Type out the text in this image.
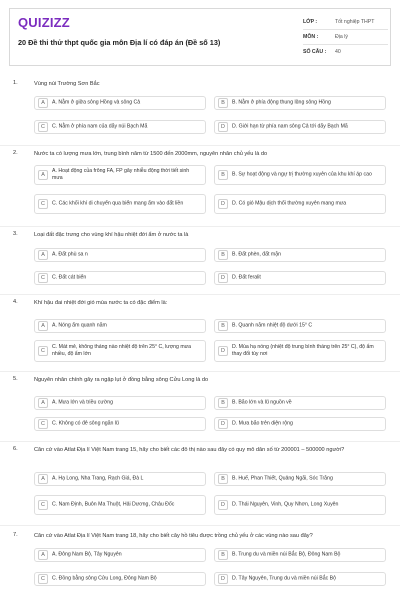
QUIZIZZ
20 Đề thi thử thpt quốc gia môn Địa lí có đáp án (Đề số 13)
LỚP :	Tốt nghiệp THPT
MÔN :	Địa lý
SỐ CÂU :	40
1.	Vùng núi Trường Sơn Bắc
A	A. Nằm ở giữa sông Hồng và sông Cả	B	B. Nằm ở phía động thung lũng sông Hồng
C	C. Nằm ở phía nam của dãy núi Bạch Mã	D	D. Giới hạn từ phía nam sông Cả tới dãy Bạch Mã
2.	Nước ta có lượng mưa lớn, trung bình năm từ 1500 đến 2000mm, nguyên nhân chủ yếu là do
A
A. Hoạt động của frông FA, FP gây nhiễu động thời tiết sinh mưa	B	B. Sự hoạt động và ngự trị thường xuyên của khu khí áp cao
C	C. Các khối khí di chuyển qua biển mang ẩm vào đất liền	D	D. Có gió Mậu dịch thổi thường xuyên mang mưa
3.	Loại đất đặc trưng cho vùng khí hậu nhiệt đới ẩm ở nước ta là
A	A. Đất phù sa n	B	B. Đất phèn, đất mặn
C	C. Đất cát biển	D	D. Đất feralit
4.	Khí hậu đai nhiệt đới gió mùa nước ta có đặc điểm là:
A	A. Nóng ẩm quanh năm	B	B. Quanh năm nhiệt độ dưới 15° C
C
C. Mát mẻ, không tháng nào nhiệt độ trên 25° C, lượng mưa nhiều, độ ẩm lớn	D
D. Mùa hạ nóng (nhiệt độ trung bình tháng trên 25° C), độ ẩm thay đổi tùy nơi
5.	Nguyên nhân chính gây ra ngập lụt ở đồng bằng sông Cửu Long là do
A	A. Mưa lớn và triều cường	B	B. Bão lớn và lũ nguồn về
C	C. Không có đê sông ngăn lũ	D	D. Mưa bão trên diện rộng
6.	Căn cứ vào Atlat Địa lí Việt Nam trang 15, hãy cho biết các đô thị nào sau đây có quy mô dân số từ 200001 – 500000 người?
A	A. Hạ Long, Nha Trang, Rạch Giá, Đà L	B	B. Huế, Phan Thiết, Quảng Ngãi, Sóc Trăng
C	C. Nam Định, Buôn Ma Thuột, Hải Dương, Châu Đốc	D	D. Thái Nguyên, Vinh, Quy Nhơn, Long Xuyên
7.	Căn cứ vào Atlat Địa lí Việt Nam trang 18, hãy cho biết cây hồ tiêu được trồng chủ yếu ở các vùng nào sau đây?
A	A. Đông Nam Bộ, Tây Nguyên	B	B. Trung du và miền núi Bắc Bộ, Đông Nam Bộ
C	C. Đồng bằng sông Cửu Long, Đông Nam Bộ	D	D. Tây Nguyên, Trung du và miền núi Bắc Bộ
